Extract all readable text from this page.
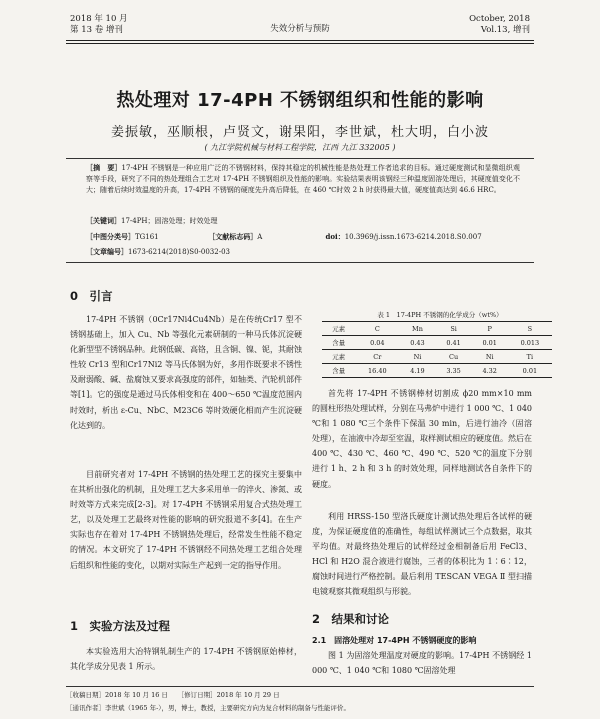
2018 年 10 月
第 13 卷 增刊	失效分析与预防
October, 2018
Vol.13, 增刊
热处理对 17-4PH 不锈钢组织和性能的影响
姜振敏，巫顺根，卢贤文，谢果阳，李世斌，杜大明，白小波
( 九江学院机械与材料工程学院，江西 九江 332005 )
［摘　要］17-4PH 不锈钢是一种应用广泛的不锈钢材料，保持其稳定的机械性能是热处理工作者追求的目标。通过硬度测试和显微组织观察等手段，研究了不同的热处理组合工艺对 17-4PH 不锈钢组织及性能的影响。实验结果表明该钢经三种温度固溶处理后，其硬度值变化不大；随着后续时效温度的升高，17-4PH 不锈钢的硬度先升高后降低，在 460 ℃时效 2 h 时获得最大值，硬度值高达到 46.6 HRC。
［关键词］17-4PH；固溶处理；时效处理
［中图分类号］TG161	［文献标志码］A	doi：10.3969/j.issn.1673-6214.2018.S0.007
［文章编号］1673-6214(2018)S0-0032-03
0　引言
17-4PH 不锈钢（0Cr17Ni4Cu4Nb）是在传统Cr17 型不锈钢基础上，加入 Cu、Nb 等强化元素研制的一种马氏体沉淀硬化新型型不锈钢品种。此钢低碳、高铬，且含铜、镍、铌，其耐蚀性较 Cr13 型和Cr17Ni2 等马氏体钢为好，多用作既要求不锈性及耐弱酸、碱、盐腐蚀又要求高强度的部件，如轴类、汽轮机部件等[1]。它的强度是通过马氏体相变和在 400～650 ℃温度范围内时效时，析出 ε-Cu、NbC、M23C6 等时效硬化相而产生沉淀硬化达到的。
目前研究者对 17-4PH 不锈钢的热处理工艺的探究主要集中在其析出强化的机制，且处理工艺大多采用单一的淬火、渗氮、或时效等方式来完成[2-3]。对 17-4PH 不锈钢采用复合式热处理工艺，以及处理工艺最终对性能的影响的研究报道不多[4]。在生产实际也存在着对 17-4PH 不锈钢热处理后，经常发生性能不稳定的情况。本文研究了 17-4PH 不锈钢经不同热处理工艺组合处理后组织和性能的变化，以期对实际生产起到一定的指导作用。
1　实验方法及过程
本实验选用大冶特钢轧制生产的 17-4PH 不锈钢原始棒材，其化学成分见表 1 所示。
表 1　17-4PH 不锈钢的化学成分（wt%）
元素	C	Mn	Si	P	S
含量	0.04	0.43	0.41	0.01	0.013
元素	Cr	Ni	Cu	Ni	Ti
含量	16.40	4.19	3.35	4.32	0.01
首先将 17-4PH 不锈钢棒材切割成 ϕ20 mm×10 mm 的圆柱形热处理试样，分别在马弗炉中进行 1 000 ℃、1 040 ℃和 1 080 ℃三个条件下保温 30 min，后进行油冷（固溶处理），在油液中冷却至室温，取样测试相应的硬度值。然后在 400 ℃、430 ℃、460 ℃、490 ℃、520 ℃的温度下分别进行 1 h、2 h 和 3 h 的时效处理，同样地测试各自条件下的硬度。
利用 HRSS-150 型洛氏硬度计测试热处理后各试样的硬度，为保证硬度值的准确性，每组试样测试三个点数据，取其平均值。对最终热处理后的试样经过金相制备后用 FeCl3、HCl 和 H2O 混合液进行腐蚀，三者的体积比为 1∶6∶12，腐蚀时间进行严格控制。最后利用 TESCAN VEGA Ⅱ 型扫描电镜观察其微观组织与形貌。
2　结果和讨论
2.1　固溶处理对 17-4PH 不锈钢硬度的影响
图 1 为固溶处理温度对硬度的影响。17-4PH 不锈钢经 1 000 ℃、1 040 ℃和 1080 ℃固溶处理
［收稿日期］2018 年 10 月 16 日　　［修订日期］2018 年 10 月 29 日
［通讯作者］李世斌（1965 年-），男，博士，教授，主要研究方向为复合材料的制备与性能评价。
